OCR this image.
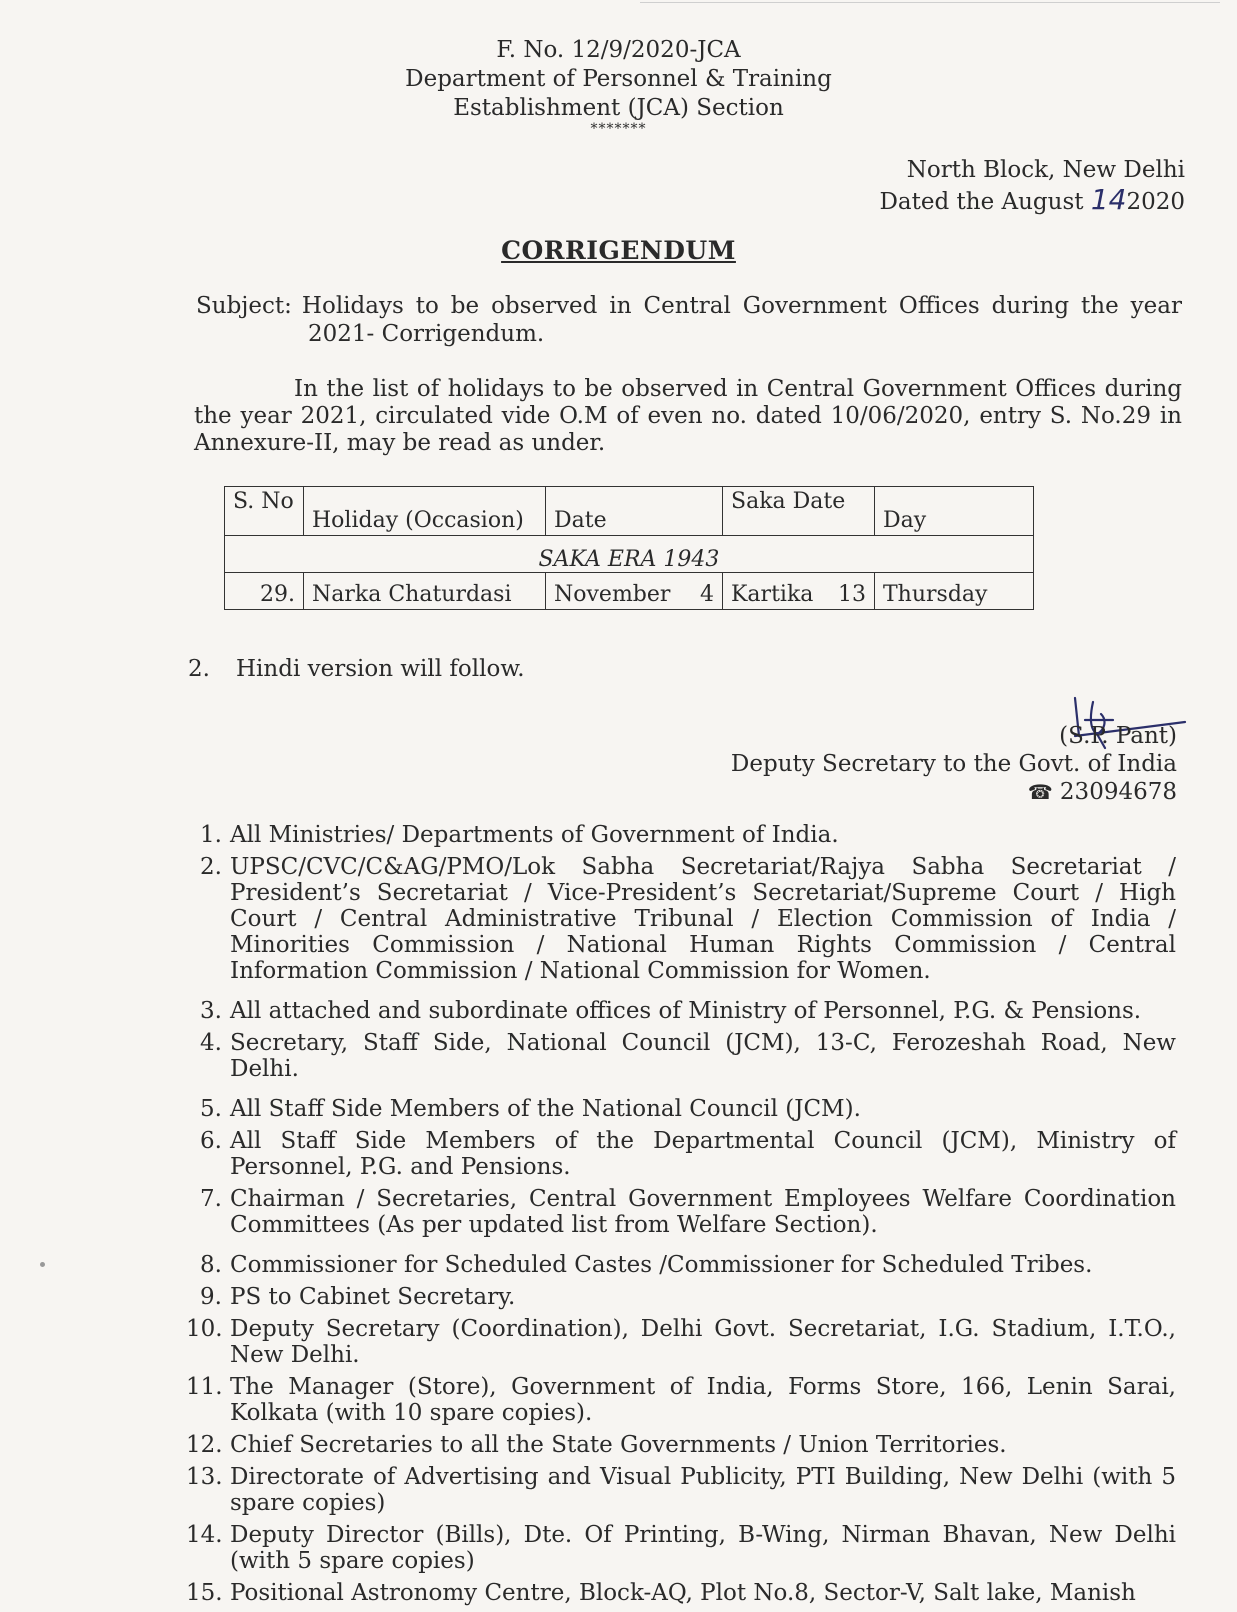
F. No. 12/9/2020-JCA
Department of Personnel & Training
Establishment (JCA) Section
*******
North Block, New Delhi
Dated the August 142020
CORRIGENDUM
Subject: Holidays to be observed in Central Government Offices during the year
2021- Corrigendum.
In the list of holidays to be observed in Central Government Offices during the year 2021, circulated vide O.M of even no. dated 10/06/2020, entry S. No.29 in Annexure-II, may be read as under.
S. No	Holiday (Occasion)	Date	Saka Date	Day
SAKA ERA 1943				
29.	Narka Chaturdasi	November 4	Kartika 13	Thursday
2. Hindi version will follow.
(S.P. Pant)
Deputy Secretary to the Govt. of India
☎ 23094678
1. All Ministries/ Departments of Government of India.
2. UPSC/CVC/C&AG/PMO/Lok Sabha Secretariat/Rajya Sabha Secretariat / President’s Secretariat / Vice-President’s Secretariat/Supreme Court / High Court / Central Administrative Tribunal / Election Commission of India / Minorities Commission / National Human Rights Commission / Central Information Commission / National Commission for Women.
3. All attached and subordinate offices of Ministry of Personnel, P.G. & Pensions.
4. Secretary, Staff Side, National Council (JCM), 13-C, Ferozeshah Road, New Delhi.
5. All Staff Side Members of the National Council (JCM).
6. All Staff Side Members of the Departmental Council (JCM), Ministry of Personnel, P.G. and Pensions.
7. Chairman / Secretaries, Central Government Employees Welfare Coordination Committees (As per updated list from Welfare Section).
8. Commissioner for Scheduled Castes /Commissioner for Scheduled Tribes.
9. PS to Cabinet Secretary.
10. Deputy Secretary (Coordination), Delhi Govt. Secretariat, I.G. Stadium, I.T.O., New Delhi.
11. The Manager (Store), Government of India, Forms Store, 166, Lenin Sarai, Kolkata (with 10 spare copies).
12. Chief Secretaries to all the State Governments / Union Territories.
13. Directorate of Advertising and Visual Publicity, PTI Building, New Delhi (with 5 spare copies)
14. Deputy Director (Bills), Dte. Of Printing, B-Wing, Nirman Bhavan, New Delhi (with 5 spare copies)
15. Positional Astronomy Centre, Block-AQ, Plot No.8, Sector-V, Salt lake, Manish
